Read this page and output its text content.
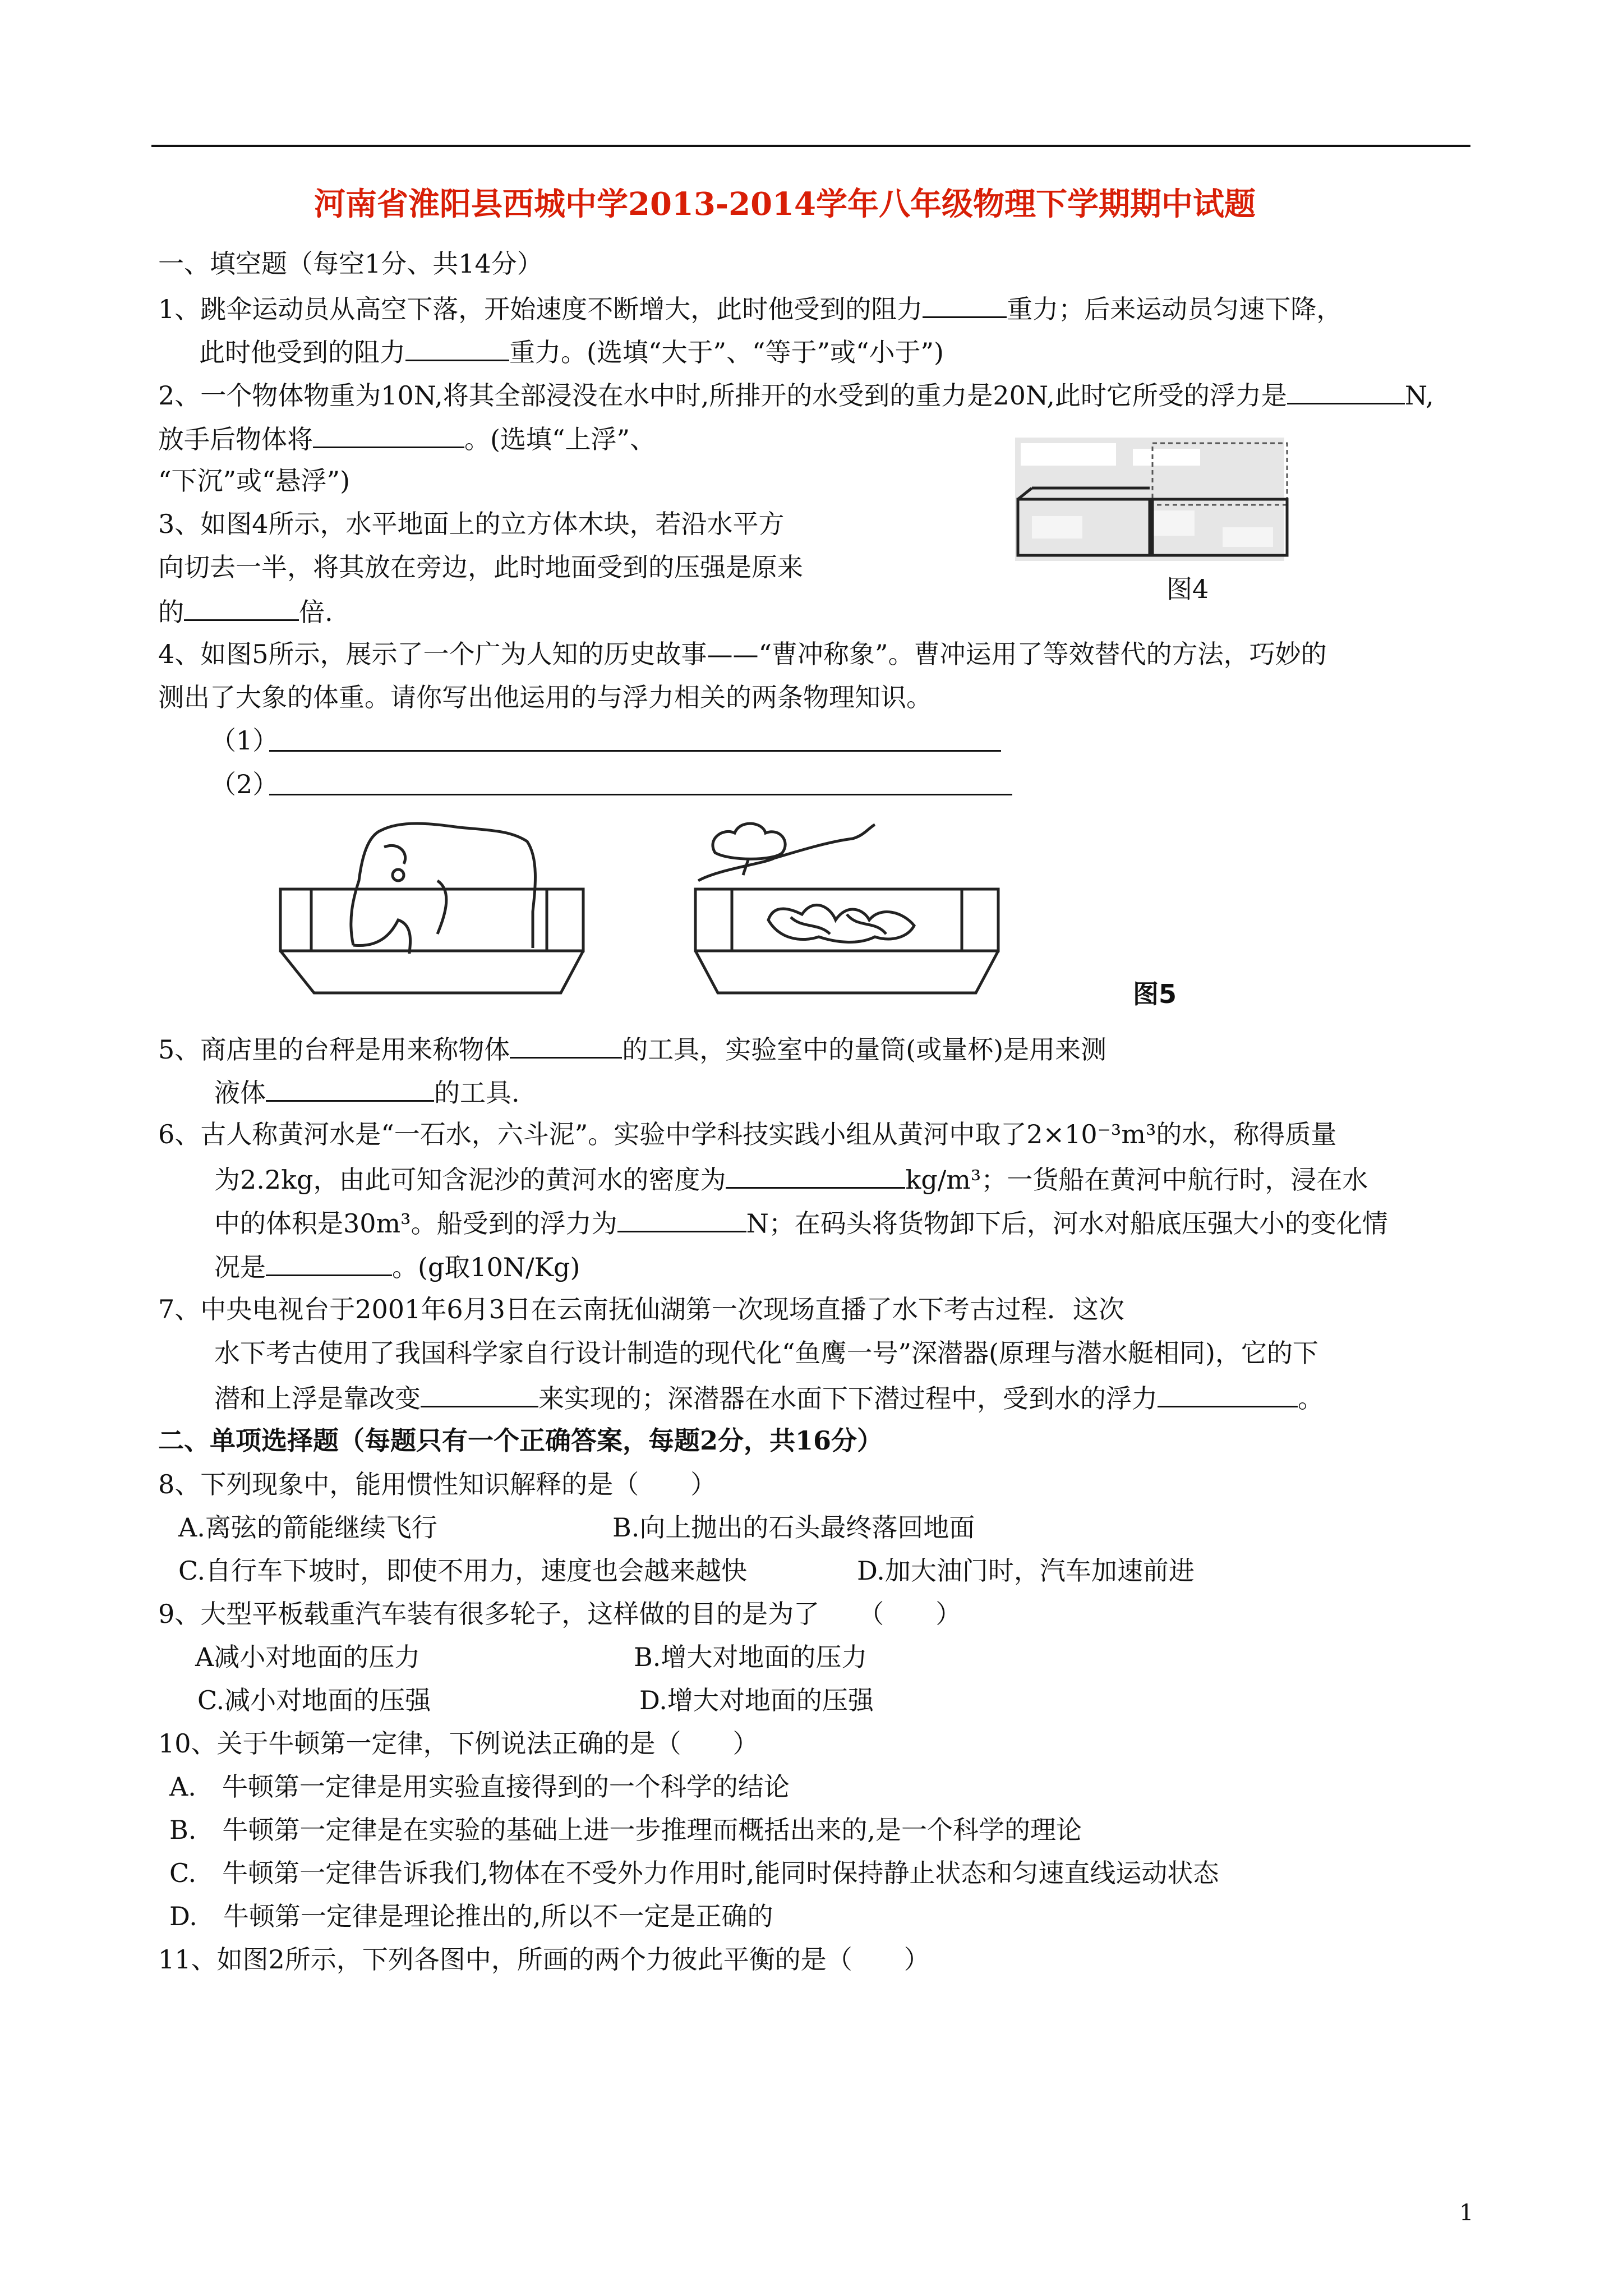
河南省淮阳县西城中学2013-2014学年八年级物理下学期期中试题
一、填空题（每空1分、共14分）
1、跳伞运动员从高空下落，开始速度不断增大，此时他受到的阻力	重力；后来运动员匀速下降，
此时他受到的阻力	重力。(选填“大于”、“等于”或“小于”)
2、一个物体物重为10N,将其全部浸没在水中时,所排开的水受到的重力是20N,此时它所受的浮力是	N,
放手后物体将	。(选填“上浮”、
“下沉”或“悬浮”)
3、如图4所示，水平地面上的立方体木块，若沿水平方
向切去一半，将其放在旁边，此时地面受到的压强是原来
的	倍.
图4
4、如图5所示，展示了一个广为人知的历史故事——“曹冲称象”。曹冲运用了等效替代的方法，巧妙的
测出了大象的体重。请你写出他运用的与浮力相关的两条物理知识。
（1）
（2）
图5
5、商店里的台秤是用来称物体	的工具，实验室中的量筒(或量杯)是用来测
液体	的工具.
6、古人称黄河水是“一石水，六斗泥”。实验中学科技实践小组从黄河中取了2×10⁻³m³的水，称得质量
为2.2kg，由此可知含泥沙的黄河水的密度为	kg/m³；一货船在黄河中航行时，浸在水
中的体积是30m³。船受到的浮力为	N；在码头将货物卸下后，河水对船底压强大小的变化情
况是	。(g取10N/Kg)
7、中央电视台于2001年6月3日在云南抚仙湖第一次现场直播了水下考古过程．这次
水下考古使用了我国科学家自行设计制造的现代化“鱼鹰一号”深潜器(原理与潜水艇相同)，它的下
潜和上浮是靠改变	来实现的；深潜器在水面下下潜过程中，受到水的浮力	。
二、单项选择题（每题只有一个正确答案，每题2分，共16分）
8、下列现象中，能用惯性知识解释的是（　　）
A.离弦的箭能继续飞行	B.向上抛出的石头最终落回地面
C.自行车下坡时，即使不用力，速度也会越来越快	D.加大油门时，汽车加速前进
9、大型平板载重汽车装有很多轮子，这样做的目的是为了　　（　　）
A减小对地面的压力	B.增大对地面的压力
C.减小对地面的压强	D.增大对地面的压强
10、关于牛顿第一定律，下例说法正确的是（　　）
A.　牛顿第一定律是用实验直接得到的一个科学的结论
B.　牛顿第一定律是在实验的基础上进一步推理而概括出来的,是一个科学的理论
C.　牛顿第一定律告诉我们,物体在不受外力作用时,能同时保持静止状态和匀速直线运动状态
D.　牛顿第一定律是理论推出的,所以不一定是正确的
11、如图2所示，下列各图中，所画的两个力彼此平衡的是（　　）
1
